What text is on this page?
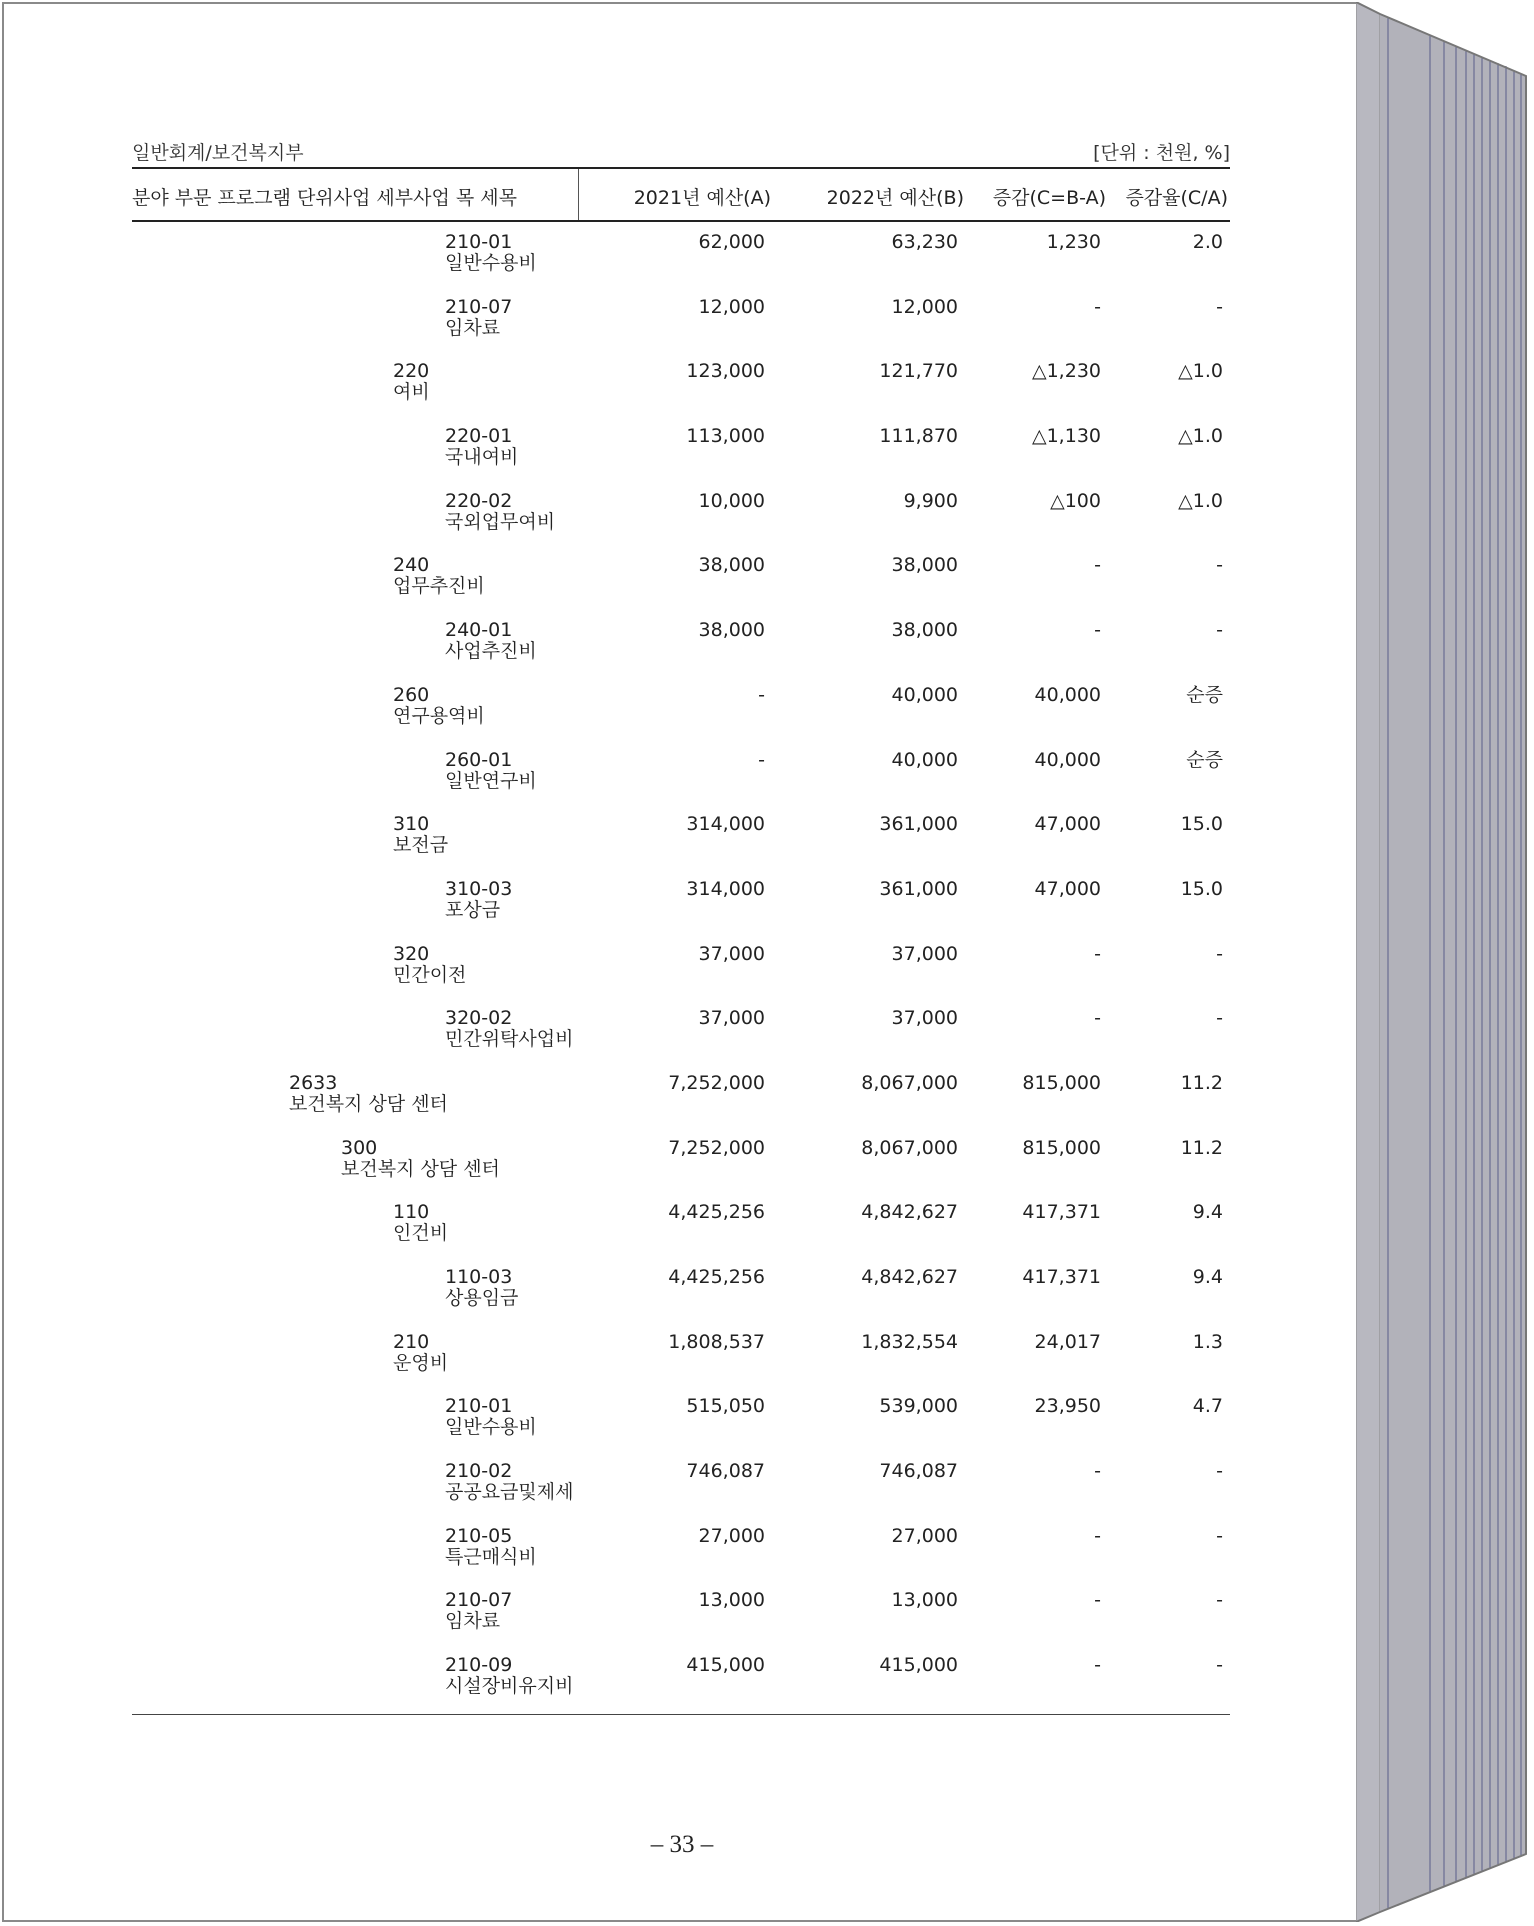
일반회계/보건복지부	[단위 : 천원, %]
분야 부문 프로그램 단위사업 세부사업 목 세목	2021년 예산(A)	2022년 예산(B) 증감(C=B-A) 증감율(C/A)
210-01
일반수용비
62,000	63,230	1,230	2.0
210-07
임차료
12,000	12,000	-	-
220
여비
123,000	121,770	△1,230	△1.0
220-01
국내여비
113,000	111,870	△1,130	△1.0
220-02
국외업무여비
10,000	9,900	△100	△1.0
240
업무추진비
38,000	38,000	-	-
240-01
사업추진비
38,000	38,000	-	-
260
연구용역비
-	40,000	40,000	순증
260-01
일반연구비
-	40,000	40,000	순증
310
보전금
314,000	361,000	47,000	15.0
310-03
포상금
314,000	361,000	47,000	15.0
320
민간이전
37,000	37,000	-	-
320-02
민간위탁사업비
37,000	37,000	-	-
2633
보건복지 상담 센터
7,252,000	8,067,000	815,000	11.2
300
보건복지 상담 센터
7,252,000	8,067,000	815,000	11.2
110
인건비
4,425,256	4,842,627	417,371	9.4
110-03
상용임금
4,425,256	4,842,627	417,371	9.4
210
운영비
1,808,537	1,832,554	24,017	1.3
210-01
일반수용비
515,050	539,000	23,950	4.7
210-02
공공요금및제세
746,087	746,087	-	-
210-05
특근매식비
27,000	27,000	-	-
210-07
임차료
13,000	13,000	-	-
210-09
시설장비유지비
415,000	415,000	-	-
– 33 –
